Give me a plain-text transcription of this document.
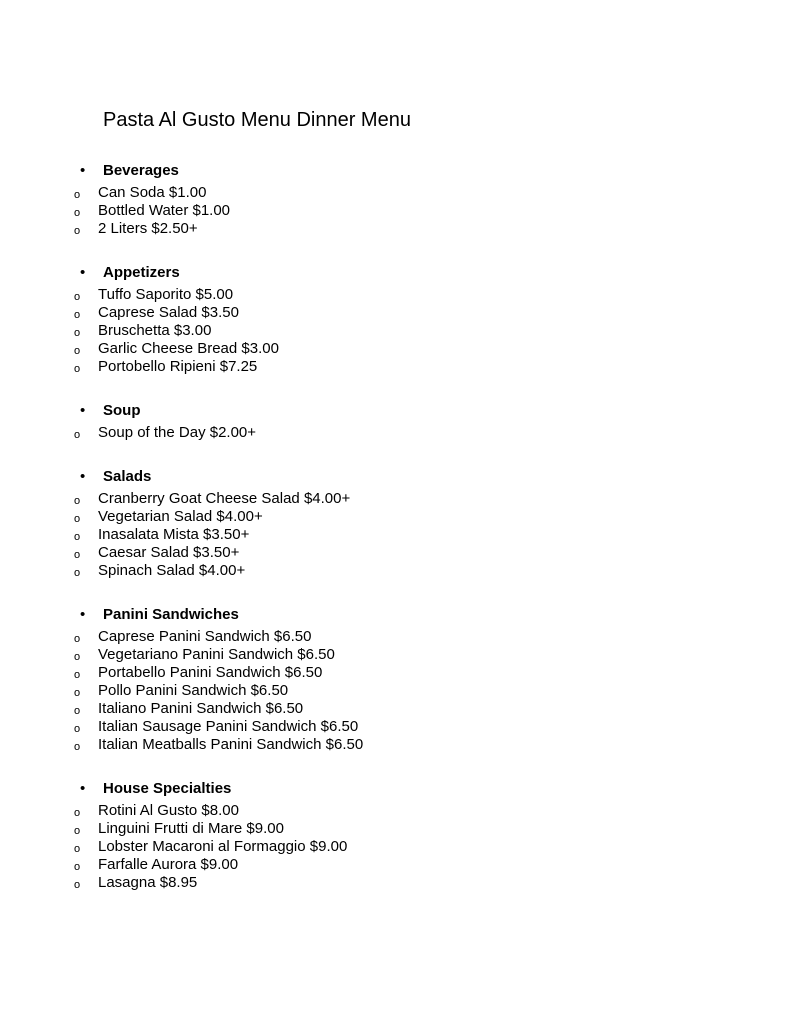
Pasta Al Gusto Menu Dinner Menu
• Beverages
o Can Soda $1.00
o Bottled Water $1.00
o 2 Liters $2.50+
• Appetizers
o Tuffo Saporito $5.00
o Caprese Salad $3.50
o Bruschetta $3.00
o Garlic Cheese Bread $3.00
o Portobello Ripieni $7.25
• Soup
o Soup of the Day $2.00+
• Salads
o Cranberry Goat Cheese Salad $4.00+
o Vegetarian Salad $4.00+
o Inasalata Mista $3.50+
o Caesar Salad $3.50+
o Spinach Salad $4.00+
• Panini Sandwiches
o Caprese Panini Sandwich $6.50
o Vegetariano Panini Sandwich $6.50
o Portabello Panini Sandwich $6.50
o Pollo Panini Sandwich $6.50
o Italiano Panini Sandwich $6.50
o Italian Sausage Panini Sandwich $6.50
o Italian Meatballs Panini Sandwich $6.50
• House Specialties
o Rotini Al Gusto $8.00
o Linguini Frutti di Mare $9.00
o Lobster Macaroni al Formaggio $9.00
o Farfalle Aurora $9.00
o Lasagna $8.95
